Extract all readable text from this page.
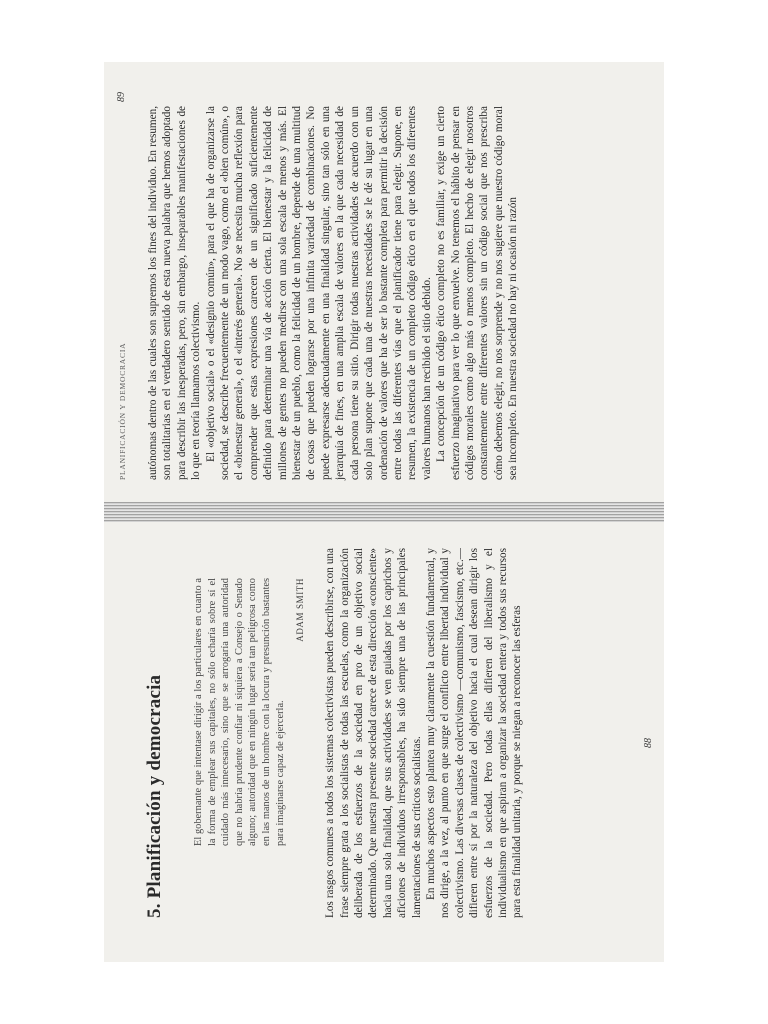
5. Planificación y democracia	El gobernante que intentase dirigir a los particulares en cuanto a la forma de emplear sus capitales, no sólo echaría sobre sí el cuidado más innecesario, sino que se arrogaría una autoridad que no habría prudente confiar ni siquiera a Consejo o Senado alguno; autoridad que en ningún lugar sería tan peligrosa como en las manos de un hombre con la locura y presunción bastantes para imaginarse capaz de ejercerla.
ADAM SMITH Los rasgos comunes a todos los sistemas colectivistas pueden describirse, con una frase siempre grata a los socialistas de todas las escuelas, como la organización deliberada de los esfuerzos de la sociedad en pro de un objetivo social determinado. Que nuestra presente sociedad carece de esta dirección «consciente» hacia una sola finalidad, que sus actividades se ven guiadas por los caprichos y aficiones de individuos irresponsables, ha sido siempre una de las principales lamentaciones de sus críticos socialistas. En muchos aspectos esto plantea muy claramente la cuestión fundamental, y nos dirige, a la vez, al punto en que surge el conflicto entre libertad individual y colectivismo. Las diversas clases de colectivismo —comunismo, fascismo, etc.— difieren entre sí por la naturaleza del objetivo hacia el cual desean dirigir los esfuerzos de la sociedad. Pero todas ellas difieren del liberalismo y el individualismo en que aspiran a organizar la sociedad entera y todos sus recursos para esta finalidad unitaria, y porque se niegan a reconocer las esferas	88
PLANIFICACIÓN Y DEMOCRACIA
89

autónomas dentro de las cuales son supremos los fines del individuo. En resumen, son totalitarias en el verdadero sentido de esta nueva palabra que hemos adoptado para describir las inesperadas, pero, sin embargo, inseparables manifestaciones de lo que en teoría llamamos colectivismo. El «objetivo social» o el «designio común», para el que ha de organizarse la sociedad, se describe frecuentemente de un modo vago, como el «bien común», o el «bienestar general», o el «interés general». No se necesita mucha reflexión para comprender que estas expresiones carecen de un significado suficientemente definido para determinar una vía de acción cierta. El bienestar y la felicidad de millones de gentes no pueden medirse con una sola escala de menos y más. El bienestar de un pueblo, como la felicidad de un hombre, depende de una multitud de cosas que pueden lograrse por una infinita variedad de combinaciones. No puede expresarse adecuadamente en una finalidad singular, sino tan sólo en una jerarquía de fines, en una amplia escala de valores en la que cada necesidad de cada persona tiene su sitio. Dirigir todas nuestras actividades de acuerdo con un solo plan supone que cada una de nuestras necesidades se le dé su lugar en una ordenación de valores que ha de ser lo bastante completa para permitir la decisión entre todas las diferentes vías que el planificador tiene para elegir. Supone, en resumen, la existencia de un completo código ético en el que todos los diferentes valores humanos han recibido el sitio debido. La concepción de un código ético completo no es familiar, y exige un cierto esfuerzo imaginativo para ver lo que envuelve. No tenemos el hábito de pensar en códigos morales como algo más o menos completo. El hecho de elegir nosotros constantemente entre diferentes valores sin un código social que nos prescriba cómo debemos elegir, no nos sorprende y no nos sugiere que nuestro código moral sea incompleto. En nuestra sociedad no hay ni ocasión ni razón
